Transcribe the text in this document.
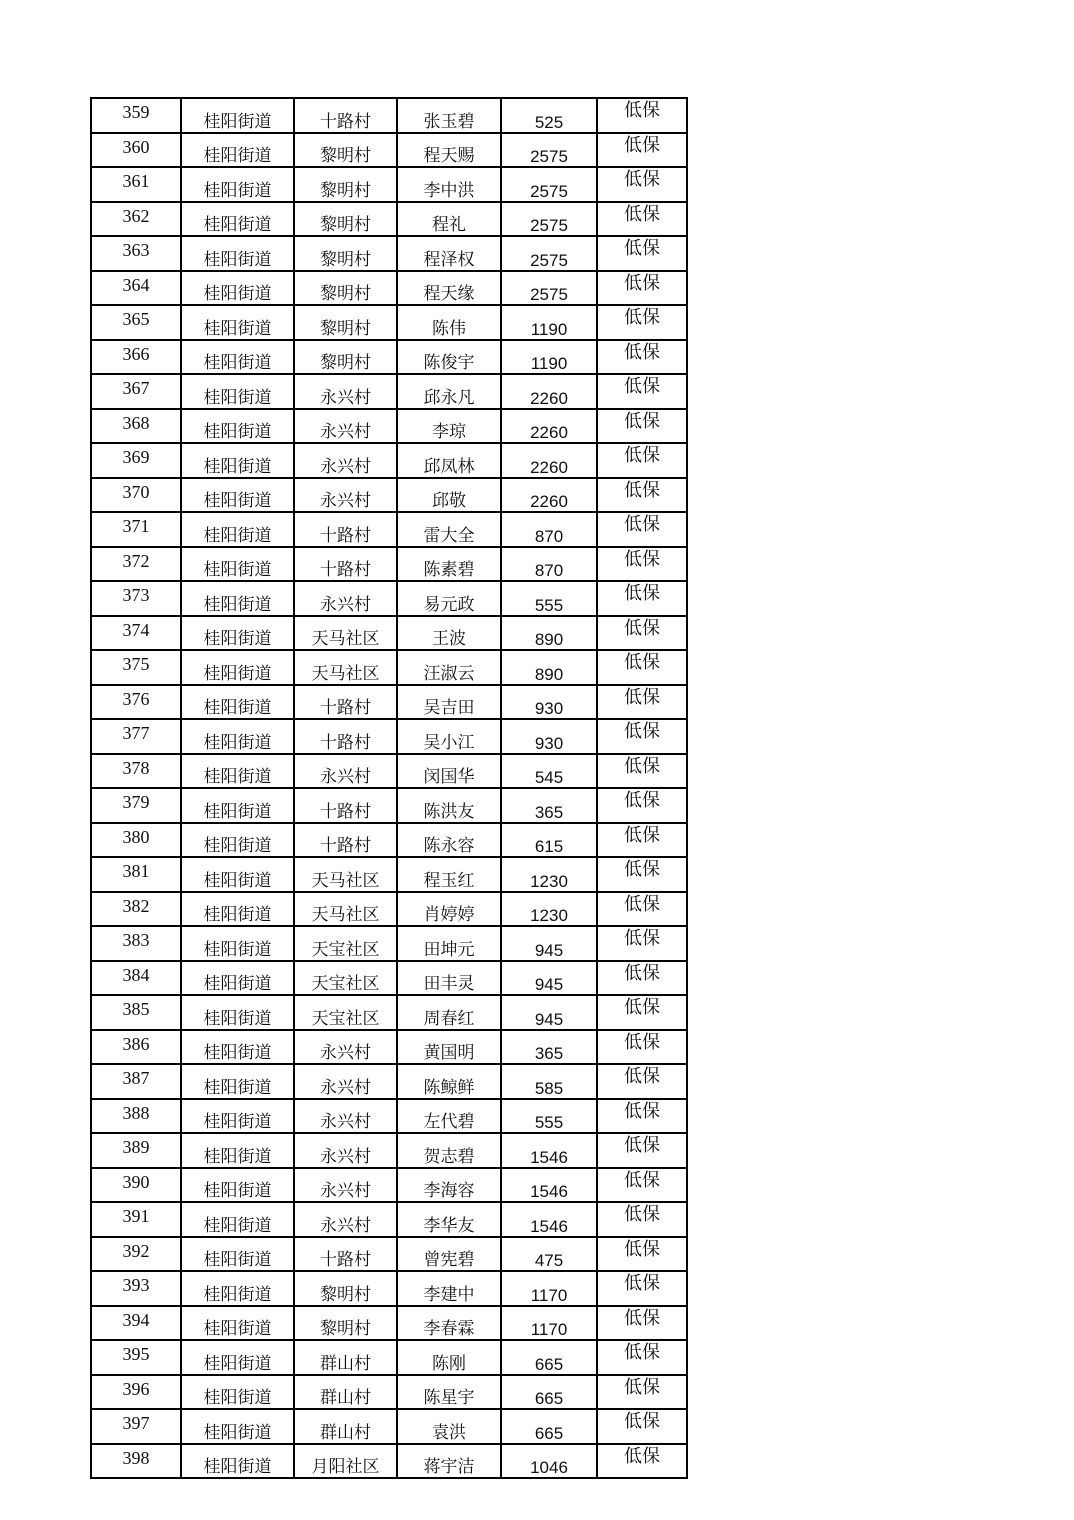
359	桂阳街道	十路村	张玉碧	525	低保
360	桂阳街道	黎明村	程天赐	2575	低保
361	桂阳街道	黎明村	李中洪	2575	低保
362	桂阳街道	黎明村	程礼	2575	低保
363	桂阳街道	黎明村	程泽权	2575	低保
364	桂阳街道	黎明村	程天缘	2575	低保
365	桂阳街道	黎明村	陈伟	1190	低保
366	桂阳街道	黎明村	陈俊宇	1190	低保
367	桂阳街道	永兴村	邱永凡	2260	低保
368	桂阳街道	永兴村	李琼	2260	低保
369	桂阳街道	永兴村	邱凤林	2260	低保
370	桂阳街道	永兴村	邱敬	2260	低保
371	桂阳街道	十路村	雷大全	870	低保
372	桂阳街道	十路村	陈素碧	870	低保
373	桂阳街道	永兴村	易元政	555	低保
374	桂阳街道	天马社区	王波	890	低保
375	桂阳街道	天马社区	汪淑云	890	低保
376	桂阳街道	十路村	吴吉田	930	低保
377	桂阳街道	十路村	吴小江	930	低保
378	桂阳街道	永兴村	闵国华	545	低保
379	桂阳街道	十路村	陈洪友	365	低保
380	桂阳街道	十路村	陈永容	615	低保
381	桂阳街道	天马社区	程玉红	1230	低保
382	桂阳街道	天马社区	肖婷婷	1230	低保
383	桂阳街道	天宝社区	田坤元	945	低保
384	桂阳街道	天宝社区	田丰灵	945	低保
385	桂阳街道	天宝社区	周春红	945	低保
386	桂阳街道	永兴村	黄国明	365	低保
387	桂阳街道	永兴村	陈鲸鲜	585	低保
388	桂阳街道	永兴村	左代碧	555	低保
389	桂阳街道	永兴村	贺志碧	1546	低保
390	桂阳街道	永兴村	李海容	1546	低保
391	桂阳街道	永兴村	李华友	1546	低保
392	桂阳街道	十路村	曾宪碧	475	低保
393	桂阳街道	黎明村	李建中	1170	低保
394	桂阳街道	黎明村	李春霖	1170	低保
395	桂阳街道	群山村	陈刚	665	低保
396	桂阳街道	群山村	陈星宇	665	低保
397	桂阳街道	群山村	袁洪	665	低保
398	桂阳街道	月阳社区	蒋宇洁	1046	低保
